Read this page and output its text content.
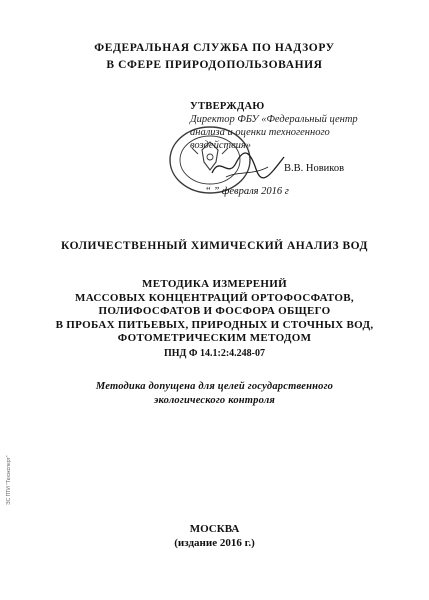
ФЕДЕРАЛЬНАЯ СЛУЖБА ПО НАДЗОРУ
В СФЕРЕ ПРИРОДОПОЛЬЗОВАНИЯ
УТВЕРЖДАЮ
Директор ФБУ «Федеральный центр
анализа и оценки техногенного
воздействия»
В.В. Новиков
“ ” февраля 2016 г
КОЛИЧЕСТВЕННЫЙ ХИМИЧЕСКИЙ АНАЛИЗ ВОД
МЕТОДИКА ИЗМЕРЕНИЙ
МАССОВЫХ КОНЦЕНТРАЦИЙ ОРТОФОСФАТОВ,
ПОЛИФОСФАТОВ И ФОСФОРА ОБЩЕГО
В ПРОБАХ ПИТЬЕВЫХ, ПРИРОДНЫХ И СТОЧНЫХ ВОД,
ФОТОМЕТРИЧЕСКИМ МЕТОДОМ
ПНД Ф 14.1:2:4.248-07
Методика допущена для целей государственного
экологического контроля
МОСКВА
(издание 2016 г.)
ЭС ПТИ "Техэксперт"
